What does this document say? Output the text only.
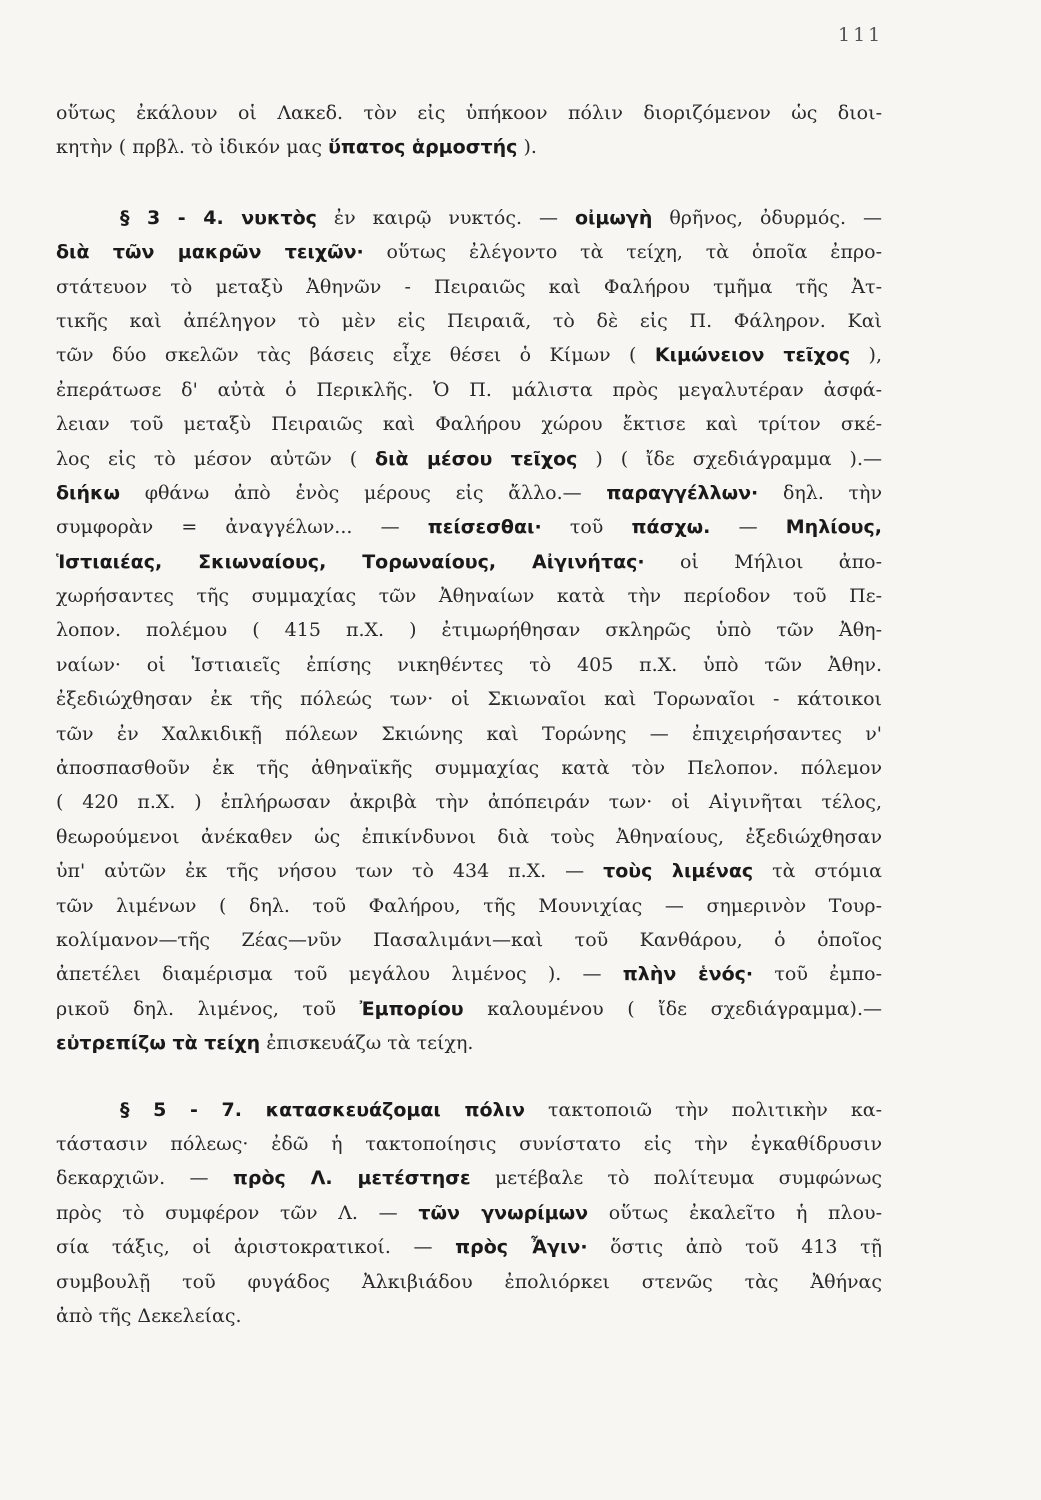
111
οὕτως ἐκάλουν οἱ Λακεδ. τὸν εἰς ὑπήκοον πόλιν διοριζόμενον ὡς διοι-
κητὴν ( πρβλ. τὸ ἰδικόν μας ὕπατος ἁρμοστής ).
§ 3 - 4. νυκτὸς ἐν καιρῷ νυκτός. — οἰμωγὴ θρῆνος, ὀδυρμός. —
διὰ τῶν μακρῶν τειχῶν· οὕτως ἐλέγοντο τὰ τείχη, τὰ ὁποῖα ἐπρο-
στάτευον τὸ μεταξὺ Ἀθηνῶν - Πειραιῶς καὶ Φαλήρου τμῆμα τῆς Ἀτ-
τικῆς καὶ ἀπέληγον τὸ μὲν εἰς Πειραιᾶ, τὸ δὲ εἰς Π. Φάληρον. Καὶ
τῶν δύο σκελῶν τὰς βάσεις εἶχε θέσει ὁ Κίμων ( Κιμώνειον τεῖχος ),
ἐπεράτωσε δ' αὐτὰ ὁ Περικλῆς. Ὁ Π. μάλιστα πρὸς μεγαλυτέραν ἀσφά-
λειαν τοῦ μεταξὺ Πειραιῶς καὶ Φαλήρου χώρου ἔκτισε καὶ τρίτον σκέ-
λος εἰς τὸ μέσον αὐτῶν ( διὰ μέσου τεῖχος ) ( ἴδε σχεδιάγραμμα ).—
διήκω φθάνω ἀπὸ ἑνὸς μέρους εἰς ἄλλο.— παραγγέλλων· δηλ. τὴν
συμφορὰν = ἀναγγέλων... — πείσεσθαι· τοῦ πάσχω. — Μηλίους,
Ἱστιαιέας, Σκιωναίους, Τορωναίους, Αἰγινήτας· οἱ Μήλιοι ἀπο-
χωρήσαντες τῆς συμμαχίας τῶν Ἀθηναίων κατὰ τὴν περίοδον τοῦ Πε-
λοπον. πολέμου ( 415 π.Χ. ) ἐτιμωρήθησαν σκληρῶς ὑπὸ τῶν Ἀθη-
ναίων· οἱ Ἱστιαιεῖς ἐπίσης νικηθέντες τὸ 405 π.Χ. ὑπὸ τῶν Ἀθην.
ἐξεδιώχθησαν ἐκ τῆς πόλεώς των· οἱ Σκιωναῖοι καὶ Τορωναῖοι - κάτοικοι
τῶν ἐν Χαλκιδικῇ πόλεων Σκιώνης καὶ Τορώνης — ἐπιχειρήσαντες ν'
ἀποσπασθοῦν ἐκ τῆς ἀθηναϊκῆς συμμαχίας κατὰ τὸν Πελοπον. πόλεμον
( 420 π.Χ. ) ἐπλήρωσαν ἀκριβὰ τὴν ἀπόπειράν των· οἱ Αἰγινῆται τέλος,
θεωρούμενοι ἀνέκαθεν ὡς ἐπικίνδυνοι διὰ τοὺς Ἀθηναίους, ἐξεδιώχθησαν
ὑπ' αὐτῶν ἐκ τῆς νήσου των τὸ 434 π.Χ. — τοὺς λιμένας τὰ στόμια
τῶν λιμένων ( δηλ. τοῦ Φαλήρου, τῆς Μουνιχίας — σημερινὸν Τουρ-
κολίμανον—τῆς Ζέας—νῦν Πασαλιμάνι—καὶ τοῦ Κανθάρου, ὁ ὁποῖος
ἀπετέλει διαμέρισμα τοῦ μεγάλου λιμένος ). — πλὴν ἑνός· τοῦ ἐμπο-
ρικοῦ δηλ. λιμένος, τοῦ Ἐμπορίου καλουμένου ( ἴδε σχεδιάγραμμα).—
εὐτρεπίζω τὰ τείχη ἐπισκευάζω τὰ τείχη.
§ 5 - 7. κατασκευάζομαι πόλιν τακτοποιῶ τὴν πολιτικὴν κα-
τάστασιν πόλεως· ἐδῶ ἡ τακτοποίησις συνίστατο εἰς τὴν ἐγκαθίδρυσιν
δεκαρχιῶν. — πρὸς Λ. μετέστησε μετέβαλε τὸ πολίτευμα συμφώνως
πρὸς τὸ συμφέρον τῶν Λ. — τῶν γνωρίμων οὕτως ἐκαλεῖτο ἡ πλου-
σία τάξις, οἱ ἀριστοκρατικοί. — πρὸς Ἆγιν· ὅστις ἀπὸ τοῦ 413 τῇ
συμβουλῇ τοῦ φυγάδος Ἀλκιβιάδου ἐπολιόρκει στενῶς τὰς Ἀθήνας
ἀπὸ τῆς Δεκελείας.
